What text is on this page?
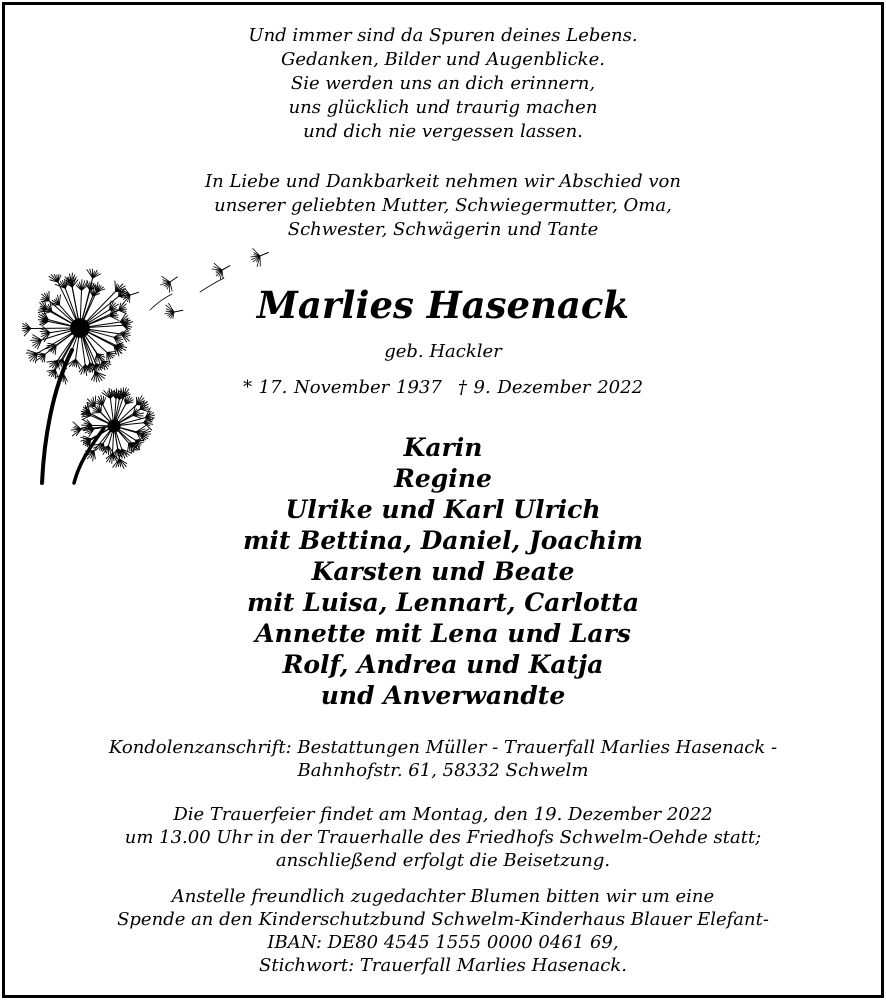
Und immer sind da Spuren deines Lebens.
Gedanken, Bilder und Augenblicke.
Sie werden uns an dich erinnern,
uns glücklich und traurig machen
und dich nie vergessen lassen.
In Liebe und Dankbarkeit nehmen wir Abschied von
unserer geliebten Mutter, Schwiegermutter, Oma,
Schwester, Schwägerin und Tante
Marlies Hasenack
geb. Hackler
* 17. November 1937 † 9. Dezember 2022
Karin
Regine
Ulrike und Karl Ulrich
mit Bettina, Daniel, Joachim
Karsten und Beate
mit Luisa, Lennart, Carlotta
Annette mit Lena und Lars
Rolf, Andrea und Katja
und Anverwandte
Kondolenzanschrift: Bestattungen Müller - Trauerfall Marlies Hasenack -
Bahnhofstr. 61, 58332 Schwelm
Die Trauerfeier findet am Montag, den 19. Dezember 2022
um 13.00 Uhr in der Trauerhalle des Friedhofs Schwelm-Oehde statt;
anschließend erfolgt die Beisetzung.
Anstelle freundlich zugedachter Blumen bitten wir um eine
Spende an den Kinderschutzbund Schwelm-Kinderhaus Blauer Elefant-
IBAN: DE80 4545 1555 0000 0461 69,
Stichwort: Trauerfall Marlies Hasenack.
